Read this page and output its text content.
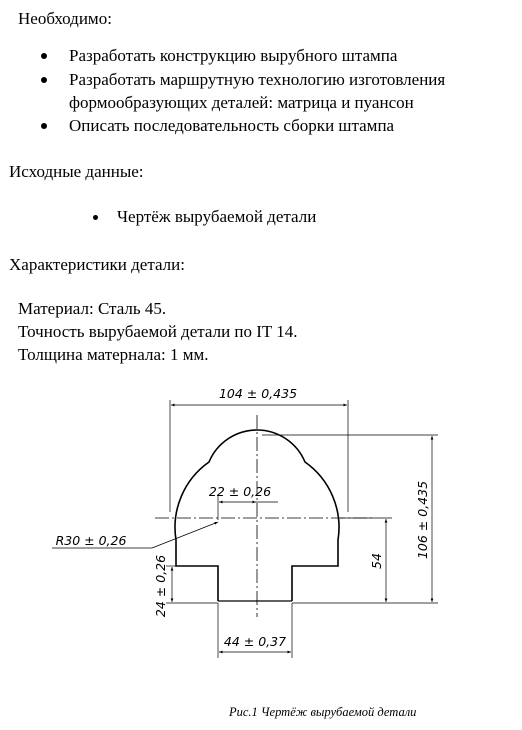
Необходимо:
Разработать конструкцию вырубного штампа
Разработать маршрутную технологию изготовления
формообразующих деталей: матрица и пуансон
Описать последовательность сборки штампа
Исходные данные:
Чертёж вырубаемой детали
Характеристики детали:
Материал: Сталь 45.
Точность вырубаемой детали по IT 14.
Толщина матернала: 1 мм.
104 ± 0,435
106 ± 0,435
54
22 ± 0,26
R30 ± 0,26
24 ± 0,26
44 ± 0,37
Рис.1 Чертёж вырубаемой детали
